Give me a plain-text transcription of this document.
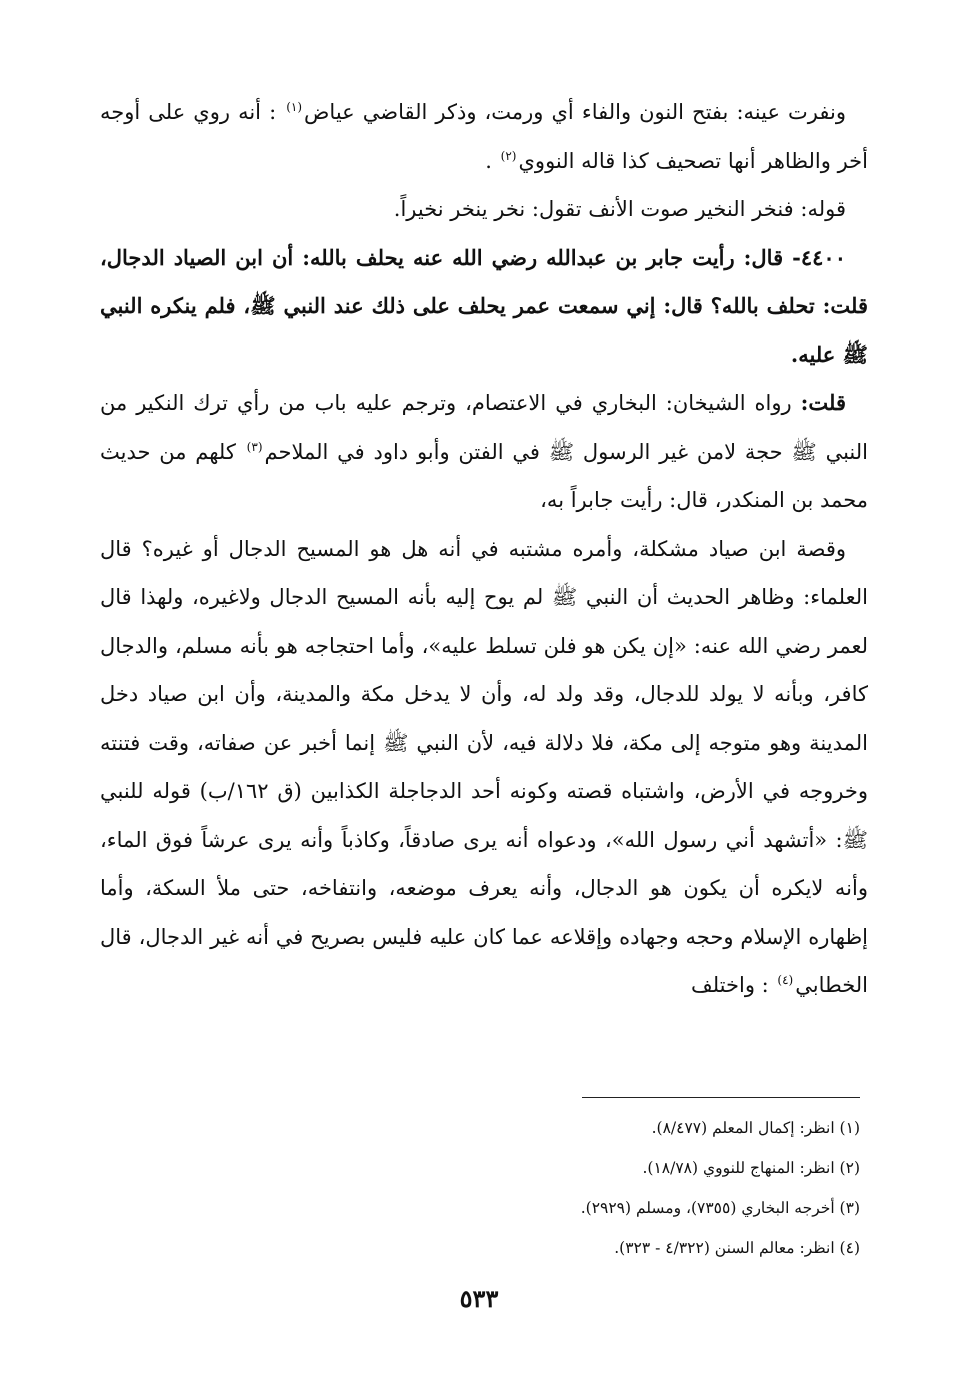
ونفرت عينه: بفتح النون والفاء أي ورمت، وذكر القاضي عياض$^{(١)}$ : أنه روي على أوجه أخر والظاهر أنها تصحيف كذا قاله النووي$^{(٢)}$ .

قوله: فنخر النخير صوت الأنف تقول: نخر ينخر نخيراً.

٤٤٠٠- قال: رأيت جابر بن عبدالله رضي الله عنه يحلف بالله: أن ابن الصياد الدجال، قلت: تحلف بالله؟ قال: إني سمعت عمر يحلف على ذلك عند النبي ﷺ، فلم ينكره النبي ﷺ عليه.

قلت: رواه الشيخان: البخاري في الاعتصام، وترجم عليه باب من رأي ترك النكير من النبي ﷺ حجة لامن غير الرسول ﷺ في الفتن وأبو داود في الملاحم$^{(٣)}$ كلهم من حديث محمد بن المنكدر، قال: رأيت جابراً به،

وقصة ابن صياد مشكلة، وأمره مشتبه في أنه هل هو المسيح الدجال أو غيره؟ قال العلماء: وظاهر الحديث أن النبي ﷺ لم يوح إليه بأنه المسيح الدجال ولاغيره، ولهذا قال لعمر رضي الله عنه: «إن يكن هو فلن تسلط عليه»، وأما احتجاجه هو بأنه مسلم، والدجال كافر، وبأنه لا يولد للدجال، وقد ولد له، وأن لا يدخل مكة والمدينة، وأن ابن صياد دخل المدينة وهو متوجه إلى مكة، فلا دلالة فيه، لأن النبي ﷺ إنما أخبر عن صفاته، وقت فتنته وخروجه في الأرض، واشتباه قصته وكونه أحد الدجاجلة الكذابين (ق ١٦٢/ب) قوله للنبي ﷺ: «أتشهد أني رسول الله»، ودعواه أنه يرى صادقاً، وكاذباً وأنه يرى عرشاً فوق الماء، وأنه لايكره أن يكون هو الدجال، وأنه يعرف موضعه، وانتفاخه، حتى ملأ السكة، وأما إظهاره الإسلام وحجه وجهاده وإقلاعه عما كان عليه فليس بصريح في أنه غير الدجال، قال الخطابي$^{(٤)}$ : واختلف

(١) انظر: إكمال المعلم (٨/٤٧٧).

(٢) انظر: المنهاج للنووي (١٨/٧٨).

(٣) أخرجه البخاري (٧٣٥٥)، ومسلم (٢٩٢٩).

(٤) انظر: معالم السنن (٤/٣٢٢ - ٣٢٣).

٥٣٣
